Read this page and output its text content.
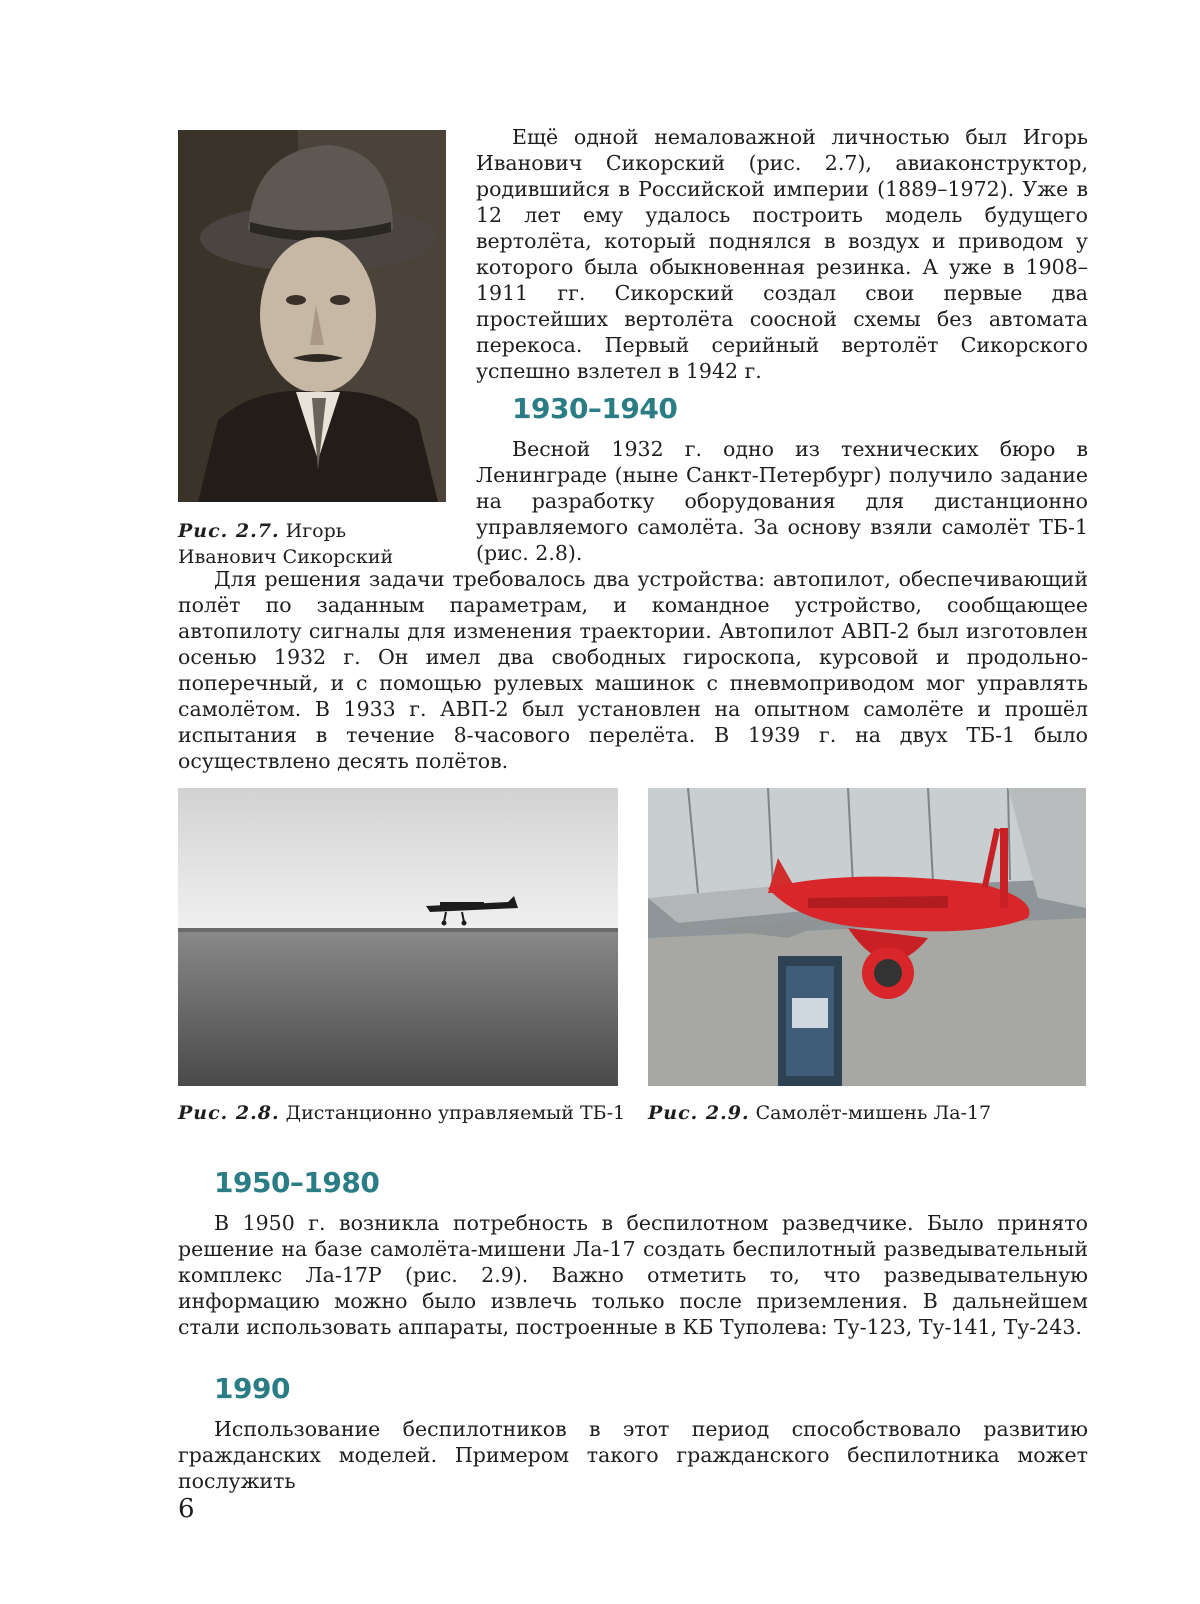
Рис. 2.7. Игорь Иванович Сикорский

Ещё одной немаловажной личностью был Игорь Иванович Сикорский (рис. 2.7), авиаконструктор, родившийся в Российской империи (1889–1972). Уже в 12 лет ему удалось построить модель будущего вертолёта, который поднялся в воздух и приводом у которого была обыкновенная резинка. А уже в 1908–1911 гг. Сикорский создал свои первые два простейших вертолёта соосной схемы без автомата перекоса. Первый серийный вертолёт Сикорского успешно взлетел в 1942 г.

1930–1940

Весной 1932 г. одно из технических бюро в Ленинграде (ныне Санкт-Петербург) получило задание на разработку оборудования для дистанционно управляемого самолёта. За основу взяли самолёт ТБ-1 (рис. 2.8).

Для решения задачи требовалось два устройства: автопилот, обеспечивающий полёт по заданным параметрам, и командное устройство, сообщающее автопилоту сигналы для изменения траектории. Автопилот АВП-2 был изготовлен осенью 1932 г. Он имел два свободных гироскопа, курсовой и продольно-поперечный, и с помощью рулевых машинок с пневмоприводом мог управлять самолётом. В 1933 г. АВП-2 был установлен на опытном самолёте и прошёл испытания в течение 8-часового перелёта. В 1939 г. на двух ТБ-1 было осуществлено десять полётов.

Рис. 2.8. Дистанционно управляемый ТБ-1 Рис. 2.9. Самолёт-мишень Ла-17
1950–1980

В 1950 г. возникла потребность в беспилотном разведчике. Было принято решение на базе самолёта-мишени Ла-17 создать беспилотный разведывательный комплекс Ла-17Р (рис. 2.9). Важно отметить то, что разведывательную информацию можно было извлечь только после приземления. В дальнейшем стали использовать аппараты, построенные в КБ Туполева: Ту-123, Ту-141, Ту-243.

1990

Использование беспилотников в этот период способствовало развитию гражданских моделей. Примером такого гражданского беспилотника может послужить

6
